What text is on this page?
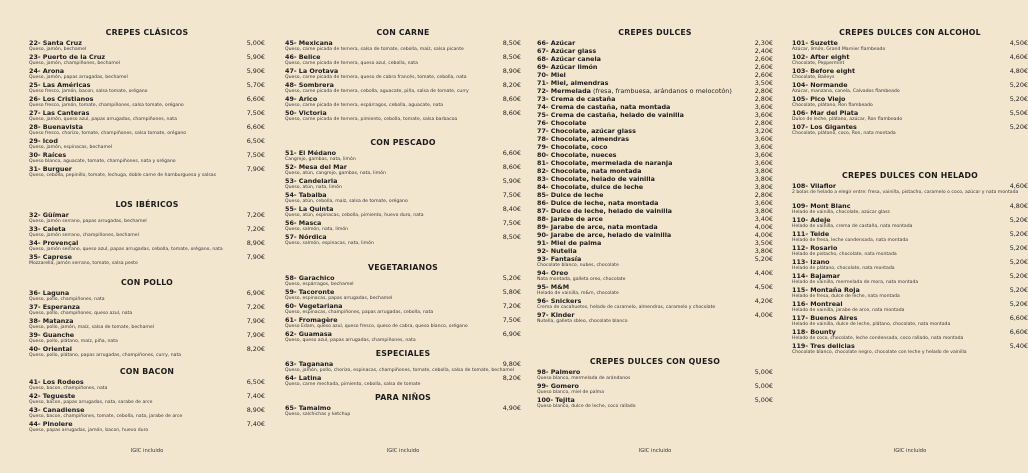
CREPES CLÁSICOS
22- Santa Cruz	5,00€
Queso, jamón, bechamel
23- Puerto de la Cruz	5,90€
Queso, jamón, champiñones, bechamel
24- Arona	5,90€
Queso, jamón, papas arrugadas, bechamel
25- Las Américas	5,70€
Queso fresco, jamón, bacon, salsa tomate, orégano
26- Los Cristianos	6,60€
Queso fresco, jamón, tomate, champiñones, salsa tomate, orégano
27- Las Canteras	7,50€
Queso, jamón, queso azul, papas arrugadas, champiñones, nata
28- Buenavista	6,60€
Queso fresco, chorizo, tomate, champiñones, salsa tomate, orégano
29- Icod	6,50€
Queso, jamón, espinacas, bechamel
30- Raíces	7,50€
Queso blanco, aguacate, tomate, champiñones, nata y orégano
31- Burguer	7,90€
Queso, cebolla, pepinillo, tomate, lechuga, doble carne de hamburguesa y salsas
LOS IBÉRICOS
32- Güímar	7,20€
Queso, jamón serrano, papas arrugadas, bechamel
33- Caleta	7,20€
Queso, jamón serrano, champiñones, bechamel
34- Provençal	8,90€
Queso, jamón serrano, queso azul, papas arrugadas, cebolla, tomate, orégano, nata
35- Caprese	7,90€
Mozzarella, jamón serrano, tomate, salsa pesto
CON POLLO
36- Laguna	6,90€
Queso, pollo, champiñones, nata
37- Esperanza	7,20€
Queso, pollo, champiñones, queso azul, nata
38- Matanza	7,90€
Queso, pollo, jamón, maíz, salsa de tomate, bechamel
39- Guanche	7,90€
Queso, pollo, plátano, maíz, piña, nata
40- Oriental	8,20€
Queso, pollo, plátano, papas arrugadas, champiñones, curry, nata
CON BACON
41- Los Rodeos	6,50€
Queso, bacon, champiñones, nata
42- Tegueste	7,40€
Queso, bacon, papas arrugadas, nata, sarabe de arce
43- Canadiense	8,90€
Queso, bacon, champiñones, tomate, cebolla, nata, jarabe de arce
44- Pinolere	7,40€
Queso, papas arrugadas, jamón, bacon, huevo duro
IGIC incluido
CON CARNE
45- Mexicana	8,50€
Queso, carne picada de ternera, salsa de tomate, cebolla, maíz, salsa picante
46- Belice	8,50€
Queso, carne picada de ternera, queso azul, cebolla, nata
47- La Orotava	8,90€
Queso, carne picada de ternera, queso de cabra francés, tomate, cebolla, nata
48- Sombrera	8,20€
Queso, carne picada de ternera, cebolla, aguacate, piña, salsa de tomate, curry
49- Arico	8,60€
Queso, carne picada de ternera, espárragos, cebolla, aguacate, nata
50- Victoria	8,60€
Queso, carne picada de ternera, pimiento, cebolla, tomate, salsa barbacoa
CON PESCADO
51- El Médano	6,60€
Cangrejo, gambas, nata, limón
52- Mesa del Mar	8,60€
Queso, atún, cangrejo, gambas, nata, limón
53- Candelaria	5,90€
Queso, atún, nata, limón
54- Tabaiba	7,50€
Queso, atún, cebolla, maíz, salsa de tomate, orégano
55- La Quinta	8,40€
Queso, atún, espinacas, cebolla, pimiento, huevo duro, nata
56- Masca	7,50€
Queso, salmón, nata, limón
57- Nórdica	8,50€
Queso, salmón, espinacas, nata, limón
VEGETARIANOS
58- Garachico	5,20€
Queso, espárragos, bechamel
59- Tacoronte	5,80€
Queso, espinacas, papas arrugadas, bechamel
60- Vegetariana	7,20€
Queso, espinacas, champiñones, papas arrugadas, cebolla, nata
61- Fromagère	7,50€
Queso Edam, queso azul, queso fresco, queso de cabra, queso blanco, orégano
62- Guamasa	6,90€
Queso, queso azul, papas arrugadas, champiñones, nata
ESPECIALES
63- Taganana	9,80€
Queso, jamón, pollo, chorizo, espinacas, champiñones, tomate, cebolla, salsa de tomate, bechamel
64- Latina	8,20€
Queso, carne mechada, pimiento, cebolla, salsa de tomate
PARA NIÑOS
65- Tamaimo	4,90€
Queso, salchichas y ketchup
IGIC incluido
CREPES DULCES
66- Azúcar	2,30€
67- Azúcar glass	2,40€
68- Azúcar canela	2,60€
69- Azúcar limón	2,60€
70- Miel	2,60€
71- Miel, almendras	3,50€
72- Mermelada (fresa, frambuesa, arándanos o melocotón)	2,80€
73- Crema de castaña	2,80€
74- Crema de castaña, nata montada	3,60€
75- Crema de castaña, helado de vainilla	3,60€
76- Chocolate	2,80€
77- Chocolate, azúcar glass	3,20€
78- Chocolate, almendras	3,60€
79- Chocolate, coco	3,60€
80- Chocolate, nueces	3,60€
81- Chocolate, mermelada de naranja	3,60€
82- Chocolate, nata montada	3,80€
83- Chocolate, helado de vainilla	3,80€
84- Chocolate, dulce de leche	3,80€
85- Dulce de leche	2,80€
86- Dulce de leche, nata montada	3,60€
87- Dulce de leche, helado de vainilla	3,80€
88- Jarabe de arce	3,40€
89- Jarabe de arce, nata montada	4,00€
90- Jarabe de arce, helado de vainilla	4,00€
91- Miel de palma	3,50€
92- Nutella	3,80€
93- Fantasía	5,20€
Chocolate blanco, nubes, chocolate
94- Oreo	4,40€
Nata montada, galleta oreo, chocolate
95- M&M	4,50€
Helado de vainilla, m&m, chocolate
96- Snickers	4,20€
Crema de cacahuetes, helado de caramelo, almendras, caramelo y chocolate
97- Kinder	4,00€
Nutella, galleta sbleo, chocolate blanco
CREPES DULCES CON QUESO
98- Palmero	5,00€
Queso blanco, mermelada de arándanos
99- Gomero	5,00€
Queso blanco, miel de palma
100- Tejita	5,00€
Queso blanco, dulce de leche, coco rallado
IGIC incluido
CREPES DULCES CON ALCOHOL
101- Suzette	4,50€
Azúcar, limón, Grand Marnier flambeado
102- After eight	4,60€
Chocolate, Peppermint
103- Before eight	4,80€
Chocolate, Baileys
104- Normande	5,20€
Azúcar, manzana, canela, Calvados flambeado
105- Pico Viejo	5,20€
Chocolate, plátano, Ron flambeado
106- Mar del Plata	5,50€
Dulce de leche, plátano, azúcar, Ron flambeado
107- Los Gigantes	5,20€
Chocolate, plátano, coco, Ron, nata montada
CREPES DULCES CON HELADO
108- Vilaflor	4,60€
2 bolas de helado a elegir entre: fresa, vainilla, pistacho, caramelo o coco, azúcar y nata montada
109- Mont Blanc	4,80€
Helado de vainilla, chocolate, azúcar glass
110- Adeje	5,20€
Helado de vainilla, crema de castaña, nata montada
111- Teide	5,20€
Helado de fresa, leche condensada, nata montada
112- Rosario	5,20€
Helado de pistacho, chocolate, nata montada
113- Izano	5,20€
Helado de plátano, chocolate, nata montada
114- Bajamar	5,20€
Helado de vainilla, mermelada de mora, nata montada
115- Montaña Roja	5,20€
Helado de fresa, dulce de leche, nata montada
116- Montreal	5,20€
Helado de vainilla, jarabe de arce, nata montada
117- Buenos Aires	6,60€
Helado de vainilla, dulce de leche, plátano, chocolate, nata montada
118- Bounty	6,60€
Helado de coco, chocolate, leche condensada, coco rallado, nata montada
119- Tres delicias	5,40€
Chocolate blanco, chocolate negro, chocolate con leche y helado de vainilla
IGIC incluido
